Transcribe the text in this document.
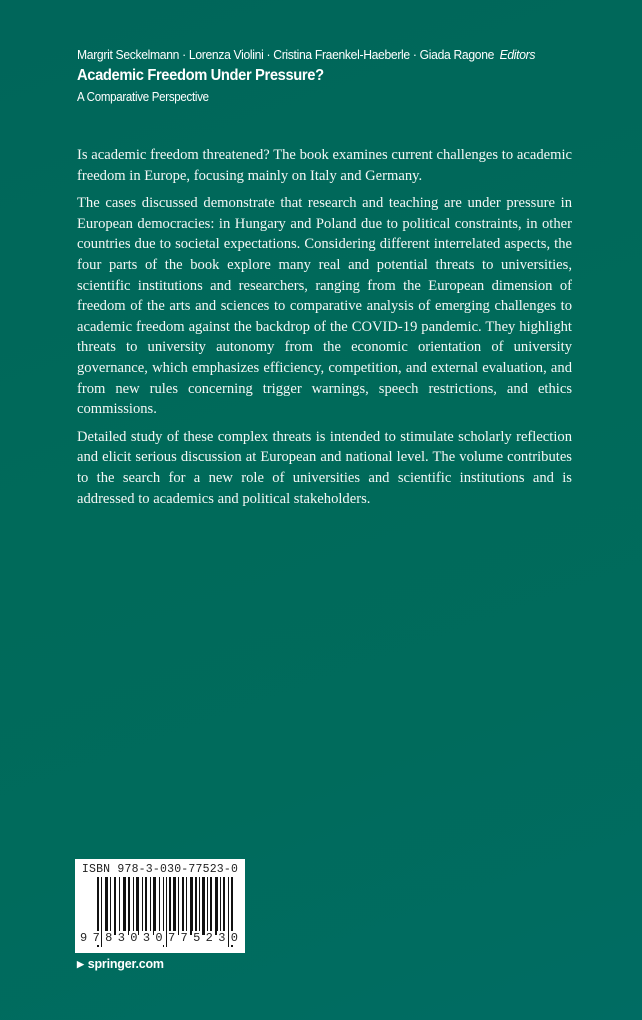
Margrit Seckelmann · Lorenza Violini · Cristina Fraenkel-Haeberle · Giada Ragone Editors
Academic Freedom Under Pressure?
A Comparative Perspective

Is academic freedom threatened? The book examines current challenges to academic freedom in Europe, focusing mainly on Italy and Germany.

The cases discussed demonstrate that research and teaching are under pressure in European democracies: in Hungary and Poland due to political constraints, in other countries due to societal expectations. Considering different interrelated aspects, the four parts of the book explore many real and potential threats to universities, scientific institutions and researchers, ranging from the European dimension of freedom of the arts and sciences to comparative analysis of emerging challenges to academic freedom against the backdrop of the COVID-19 pandemic. They highlight threats to university autonomy from the economic orientation of university governance, which emphasizes efficiency, competition, and external evaluation, and from new rules concerning trigger warnings, speech restrictions, and ethics commissions.

Detailed study of these complex threats is intended to stimulate scholarly reflection and elicit serious discussion at European and national level. The volume contributes to the search for a new role of universities and scientific institutions and is addressed to academics and political stakeholders.

ISBN 978-3-030-77523-0
9 7 8 3 0 3 0 7 7 5 2 3 0
▶ springer.com
